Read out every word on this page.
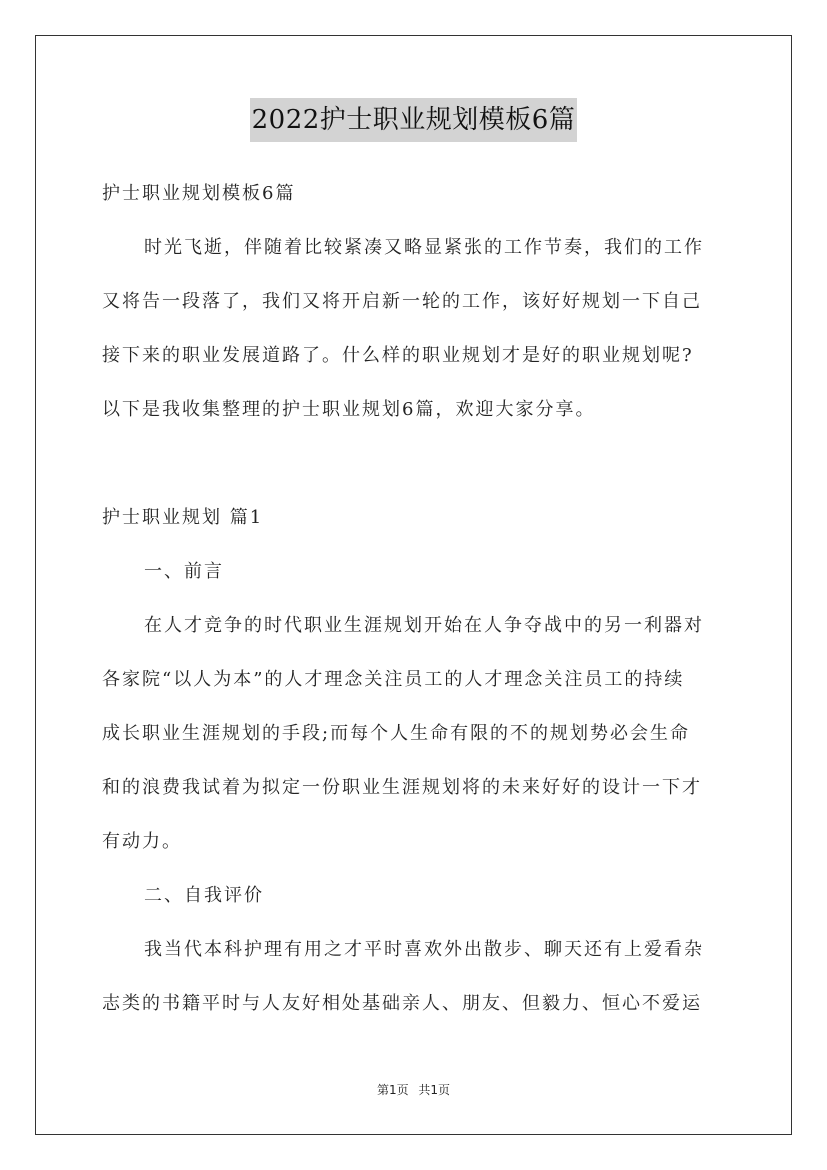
2022护士职业规划模板6篇

护士职业规划模板6篇

时光飞逝，伴随着比较紧凑又略显紧张的工作节奏，我们的工作

又将告一段落了，我们又将开启新一轮的工作，该好好规划一下自己

接下来的职业发展道路了。什么样的职业规划才是好的职业规划呢?

以下是我收集整理的护士职业规划6篇，欢迎大家分享。

护士职业规划 篇1

一、前言

在人才竞争的时代职业生涯规划开始在人争夺战中的另一利器对

各家院“以人为本”的人才理念关注员工的人才理念关注员工的持续

成长职业生涯规划的手段;而每个人生命有限的不的规划势必会生命

和的浪费我试着为拟定一份职业生涯规划将的未来好好的设计一下才

有动力。

二、自我评价

我当代本科护理有用之才平时喜欢外出散步、聊天还有上爱看杂

志类的书籍平时与人友好相处基础亲人、朋友、但毅力、恒心不爱运

第1页 共1页
